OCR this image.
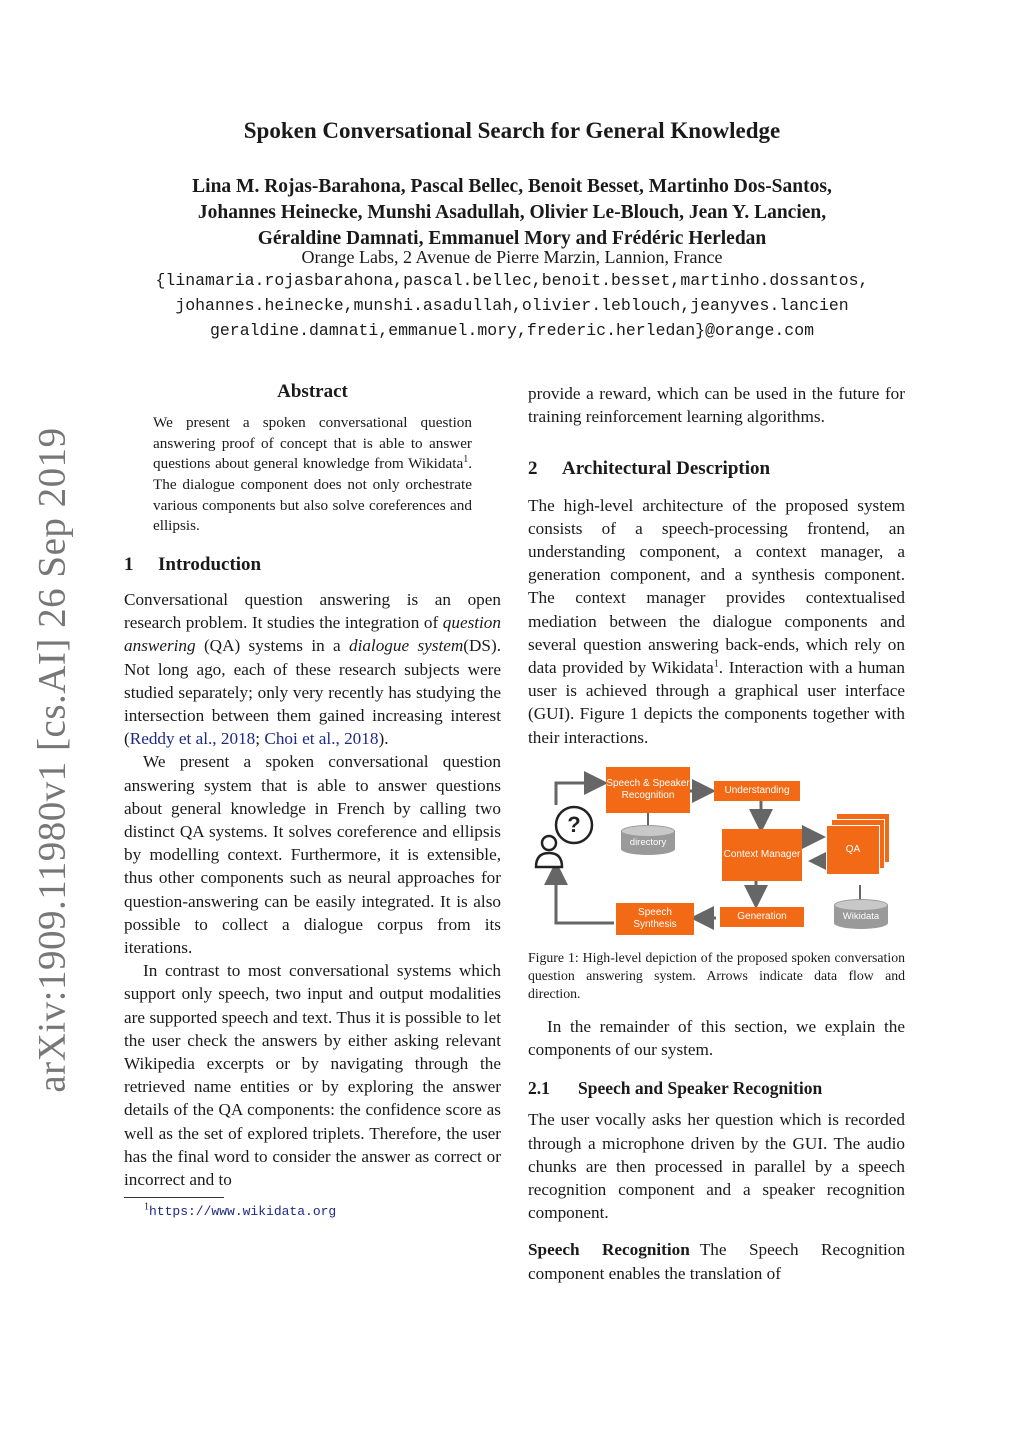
arXiv:1909.11980v1 [cs.AI] 26 Sep 2019
Spoken Conversational Search for General Knowledge
Lina M. Rojas-Barahona, Pascal Bellec, Benoit Besset, Martinho Dos-Santos,
Johannes Heinecke, Munshi Asadullah, Olivier Le-Blouch, Jean Y. Lancien,
Géraldine Damnati, Emmanuel Mory and Frédéric Herledan
Orange Labs, 2 Avenue de Pierre Marzin, Lannion, France
{linamaria.rojasbarahona,pascal.bellec,benoit.besset,martinho.dossantos,
johannes.heinecke,munshi.asadullah,olivier.leblouch,jeanyves.lancien
geraldine.damnati,emmanuel.mory,frederic.herledan}@orange.com
Abstract
We present a spoken conversational question answering proof of concept that is able to answer questions about general knowledge from Wikidata$^1$. The dialogue component does not only orchestrate various components but also solve coreferences and ellipsis.
1 Introduction

Conversational question answering is an open research problem. It studies the integration of question answering (QA) systems in a dialogue system(DS). Not long ago, each of these research subjects were studied separately; only very recently has studying the intersection between them gained increasing interest (Reddy et al., 2018; Choi et al., 2018).

We present a spoken conversational question answering system that is able to answer questions about general knowledge in French by calling two distinct QA systems. It solves coreference and ellipsis by modelling context. Furthermore, it is extensible, thus other components such as neural approaches for question-answering can be easily integrated. It is also possible to collect a dialogue corpus from its iterations.

In contrast to most conversational systems which support only speech, two input and output modalities are supported speech and text. Thus it is possible to let the user check the answers by either asking relevant Wikipedia excerpts or by navigating through the retrieved name entities or by exploring the answer details of the QA components: the confidence score as well as the set of explored triplets. Therefore, the user has the final word to consider the answer as correct or incorrect and to

$^1$https://www.wikidata.org

provide a reward, which can be used in the future for training reinforcement learning algorithms.

2 Architectural Description

The high-level architecture of the proposed system consists of a speech-processing frontend, an understanding component, a context manager, a generation component, and a synthesis component. The context manager provides contextualised mediation between the dialogue components and several question answering back-ends, which rely on data provided by Wikidata$^1$. Interaction with a human user is achieved through a graphical user interface (GUI). Figure 1 depicts the components together with their interactions.

?
Speech & Speaker Recognition	Understanding
directory
Context Manager	QA
Wikidata
Generation
Speech Synthesis
Figure 1: High-level depiction of the proposed spoken conversation question answering system. Arrows indicate data flow and direction.

In the remainder of this section, we explain the components of our system.

2.1 Speech and Speaker Recognition

The user vocally asks her question which is recorded through a microphone driven by the GUI. The audio chunks are then processed in parallel by a speech recognition component and a speaker recognition component.

Speech Recognition The Speech Recognition component enables the translation of
